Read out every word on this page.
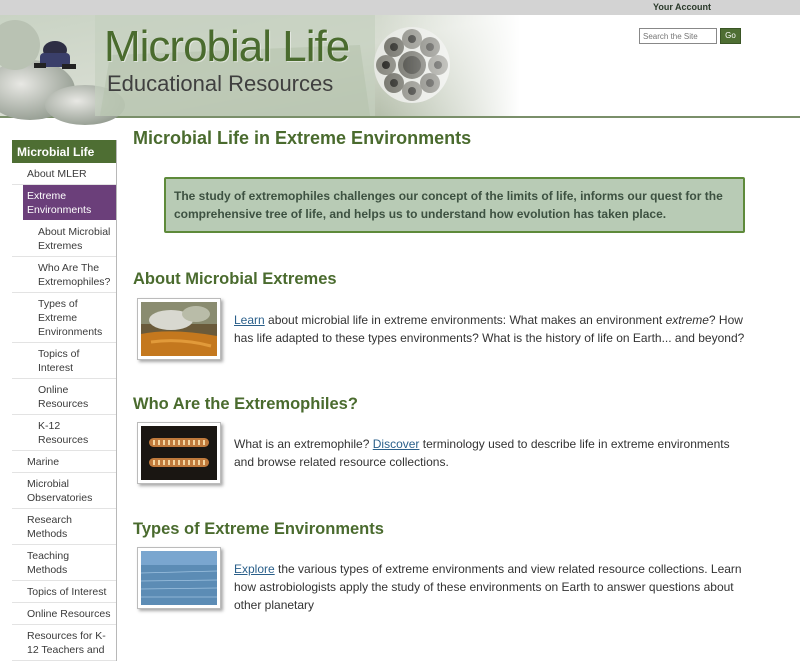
Your Account
Microbial Life
Educational Resources
Search the Site
Go
Microbial Life
About MLER
Extreme Environments
About Microbial Extremes
Who Are The Extremophiles?
Types of Extreme Environments
Topics of Interest
Online Resources
K-12 Resources
Marine
Microbial Observatories
Research Methods
Teaching Methods
Topics of Interest
Online Resources
Resources for K-12 Teachers and
Microbial Life in Extreme Environments
The study of extremophiles challenges our concept of the limits of life, informs our quest for the comprehensive tree of life, and helps us to understand how evolution has taken place.
About Microbial Extremes

Learn about microbial life in extreme environments: What makes an environment extreme? How has life adapted to these types environments? What is the history of life on Earth... and beyond?

Who Are the Extremophiles?

What is an extremophile? Discover terminology used to describe life in extreme environments and browse related resource collections.

Types of Extreme Environments

Explore the various types of extreme environments and view related resource collections. Learn how astrobiologists apply the study of these environments on Earth to answer questions about other planetary
